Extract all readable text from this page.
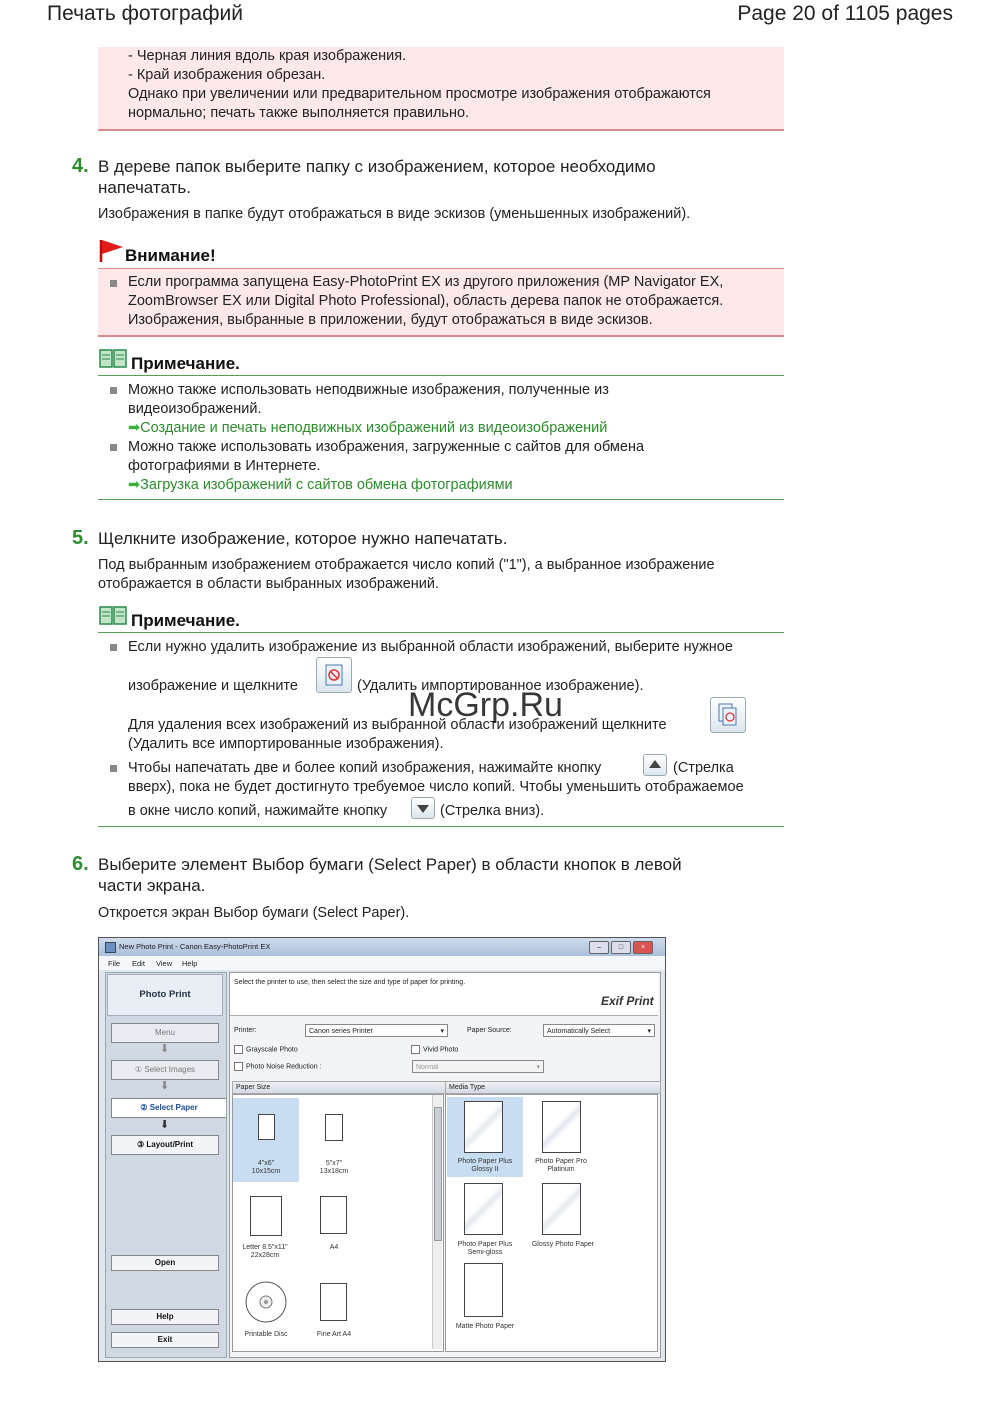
Печать фотографий	Page 20 of 1105 pages
- Черная линия вдоль края изображения.
- Край изображения обрезан.
Однако при увеличении или предварительном просмотре изображения отображаются
нормально; печать также выполняется правильно.
4. В дереве папок выберите папку с изображением, которое необходимо
напечатать.
Изображения в папке будут отображаться в виде эскизов (уменьшенных изображений).
Внимание!
Если программа запущена Easy-PhotoPrint EX из другого приложения (MP Navigator EX,
ZoomBrowser EX или Digital Photo Professional), область дерева папок не отображается.
Изображения, выбранные в приложении, будут отображаться в виде эскизов.
Примечание.
Можно также использовать неподвижные изображения, полученные из
видеоизображений.
➡Создание и печать неподвижных изображений из видеоизображений
Можно также использовать изображения, загруженные с сайтов для обмена
фотографиями в Интернете.
➡Загрузка изображений с сайтов обмена фотографиями
5. Щелкните изображение, которое нужно напечатать.
Под выбранным изображением отображается число копий ("1"), а выбранное изображение
отображается в области выбранных изображений.
Примечание.
Если нужно удалить изображение из выбранной области изображений, выберите нужное
изображение и щелкните	(Удалить импортированное изображение).
Для удаления всех изображений из выбранной области изображений щелкните
(Удалить все импортированные изображения).
Чтобы напечатать две и более копий изображения, нажимайте кнопку	(Стрелка
вверх), пока не будет достигнуто требуемое число копий. Чтобы уменьшить отображаемое
в окне число копий, нажимайте кнопку	(Стрелка вниз).
McGrp.Ru
6. Выберите элемент Выбор бумаги (Select Paper) в области кнопок в левой
части экрана.
Откроется экран Выбор бумаги (Select Paper).
New Photo Print - Canon Easy-PhotoPrint EX	–	□	×
File Edit View Help
Photo Print
Menu
⬇
① Select Images
⬇
② Select Paper
⬇
③ Layout/Print
Open
Help
Exit
Select the printer to use, then select the size and type of paper for printing.
Exif Print
Printer:	Canon series Printer	▾	Paper Source:	Automatically Select	▾
Grayscale Photo	Vivid Photo
Photo Noise Reduction :	Normal	▾
Paper Size
4"x6"
10x15cm
5"x7"
13x18cm
Letter 8.5"x11"
22x28cm
A4
Printable Disc	Fine Art A4
Media Type
Photo Paper Plus
Glossy II
Photo Paper Pro
Platinum
Photo Paper Plus
Semi-gloss
Glossy Photo Paper
Matte Photo Paper
